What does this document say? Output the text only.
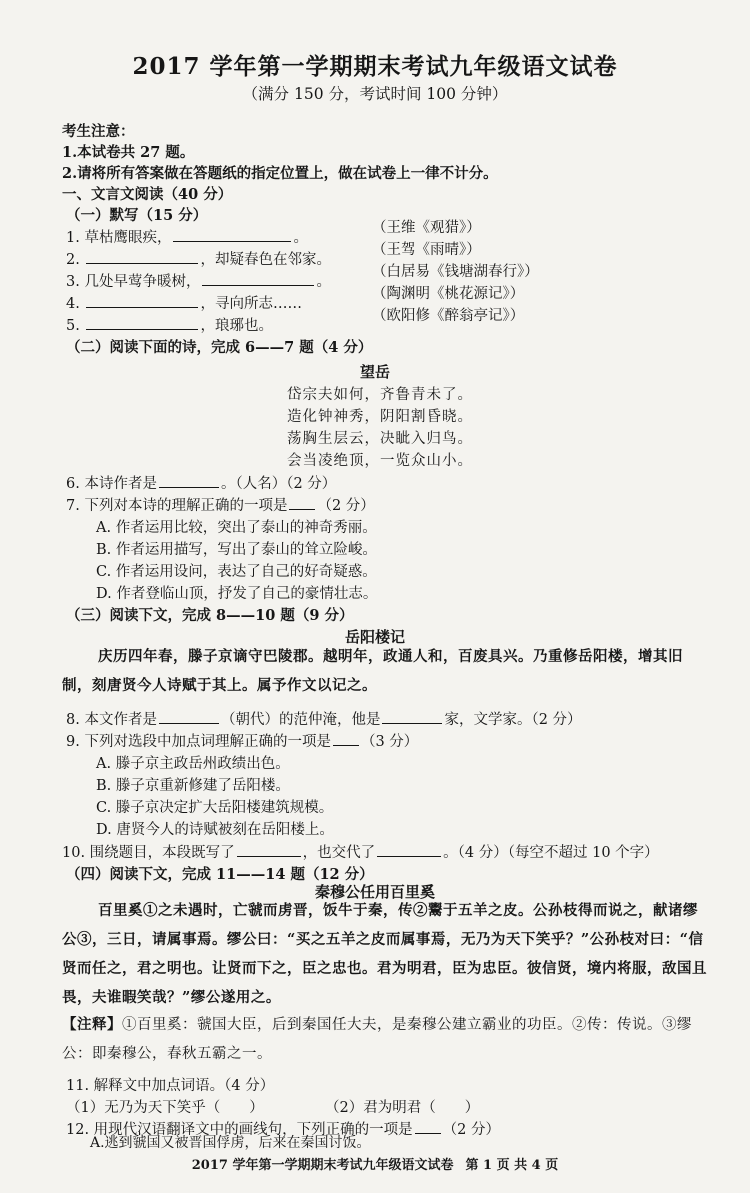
2017 学年第一学期期末考试九年级语文试卷
（满分 150 分，考试时间 100 分钟）
考生注意：
1.本试卷共 27 题。
2.请将所有答案做在答题纸的指定位置上，做在试卷上一律不计分。
一、文言文阅读（40 分）
（一）默写（15 分）
1. 草枯鹰眼疾，	。
2.	，却疑春色在邻家。
3. 几处早莺争暖树，	。
4.	，寻向所志……
5.	，琅琊也。
（王维《观猎》）
（王驾《雨晴》）
（白居易《钱塘湖春行》）
（陶渊明《桃花源记》）
（欧阳修《醉翁亭记》）
（二）阅读下面的诗，完成 6——7 题（4 分）
望岳
岱宗夫如何，齐鲁青未了。
造化钟神秀，阴阳割昏晓。
荡胸生层云，决眦入归鸟。
会当凌绝顶，一览众山小。
6. 本诗作者是	。（人名）（2 分）
7. 下列对本诗的理解正确的一项是 （2 分）
A. 作者运用比较，突出了泰山的神奇秀丽。
B. 作者运用描写，写出了泰山的耸立险峻。
C. 作者运用设问，表达了自己的好奇疑惑。
D. 作者登临山顶，抒发了自己的豪情壮志。
（三）阅读下文，完成 8——10 题（9 分）
岳阳楼记
庆历四年春，滕子京谪守巴陵郡。越明年，政通人和，百废具兴。乃重修岳阳楼，增其旧制，刻唐贤今人诗赋于其上。属予作文以记之。
8. 本文作者是	（朝代）的范仲淹，他是	家，文学家。（2 分）
9. 下列对选段中加点词理解正确的一项是 （3 分）
A. 滕子京主政岳州政绩出色。
B. 滕子京重新修建了岳阳楼。
C. 滕子京决定扩大岳阳楼建筑规模。
D. 唐贤今人的诗赋被刻在岳阳楼上。
10. 围绕题目，本段既写了	，也交代了	。（4 分）（每空不超过 10 个字）
（四）阅读下文，完成 11——14 题（12 分）
秦穆公任用百里奚
百里奚①之未遇时，亡虢而虏晋，饭牛于秦，传②鬻于五羊之皮。公孙枝得而说之，献诸缪公③，三日，请属事焉。缪公曰：“买之五羊之皮而属事焉，无乃为天下笑乎？”公孙枝对曰：“信贤而任之，君之明也。让贤而下之，臣之忠也。君为明君，臣为忠臣。彼信贤，境内将服，敌国且畏，夫谁暇笑哉？”缪公遂用之。
【注释】①百里奚：虢国大臣，后到秦国任大夫，是秦穆公建立霸业的功臣。②传：传说。③缪公：即秦穆公，春秋五霸之一。
11. 解释文中加点词语。（4 分）
（1）无乃为天下笑乎（　　）	（2）君为明君（　　）
12. 用现代汉语翻译文中的画线句，下列正确的一项是 （2 分）
A.逃到虢国又被晋国俘虏，后来在秦国讨饭。
2017 学年第一学期期末考试九年级语文试卷 第 1 页 共 4 页
